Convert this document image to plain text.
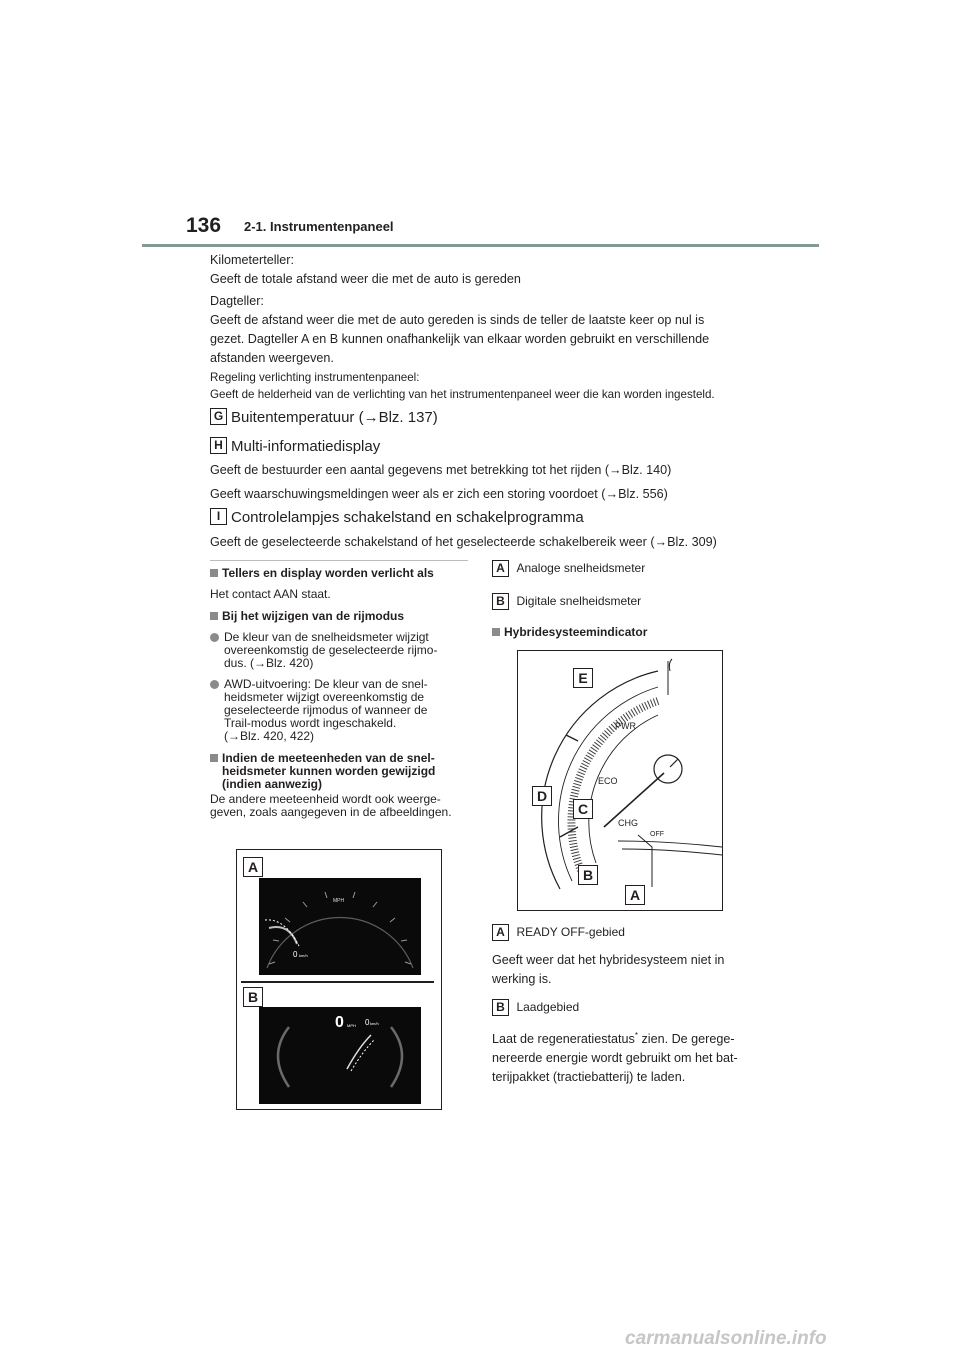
136 2-1. Instrumentenpaneel
Kilometerteller:
Geeft de totale afstand weer die met de auto is gereden
Dagteller:
Geeft de afstand weer die met de auto gereden is sinds de teller de laatste keer op nul is
gezet. Dagteller A en B kunnen onafhankelijk van elkaar worden gebruikt en verschillende
afstanden weergeven.
Regeling verlichting instrumentenpaneel:
Geeft de helderheid van de verlichting van het instrumentenpaneel weer die kan worden ingesteld.
G Buitentemperatuur (→Blz. 137)
H Multi-informatiedisplay
Geeft de bestuurder een aantal gegevens met betrekking tot het rijden (→Blz. 140)
Geeft waarschuwingsmeldingen weer als er zich een storing voordoet (→Blz. 556)
I Controlelampjes schakelstand en schakelprogramma
Geeft de geselecteerde schakelstand of het geselecteerde schakelbereik weer (→Blz. 309)
Tellers en display worden verlicht als
Het contact AAN staat.
Bij het wijzigen van de rijmodus
De kleur van de snelheidsmeter wijzigt
overeenkomstig de geselecteerde rijmo-
dus. (→Blz. 420)
AWD-uitvoering: De kleur van de snel-
heidsmeter wijzigt overeenkomstig de
geselecteerde rijmodus of wanneer de
Trail-modus wordt ingeschakeld.
(→Blz. 420, 422)
Indien de meeteenheden van de snel-
heidsmeter kunnen worden gewijzigd
(indien aanwezig)
De andere meeteenheid wordt ook weerge-
geven, zoals aangegeven in de afbeeldingen.
A
MPH
0 km/h
B
0 MPH 0 km/h
A Analoge snelheidsmeter
B Digitale snelheidsmeter
Hybridesysteemindicator
PWR
ECO
CHG
OFF
E
D
C
B
A
A READY OFF-gebied
Geeft weer dat het hybridesysteem niet in
werking is.
B Laadgebied
Laat de regeneratiestatus* zien. De gerege-
nereerde energie wordt gebruikt om het bat-
terijpakket (tractiebatterij) te laden.
carmanualsonline.info
